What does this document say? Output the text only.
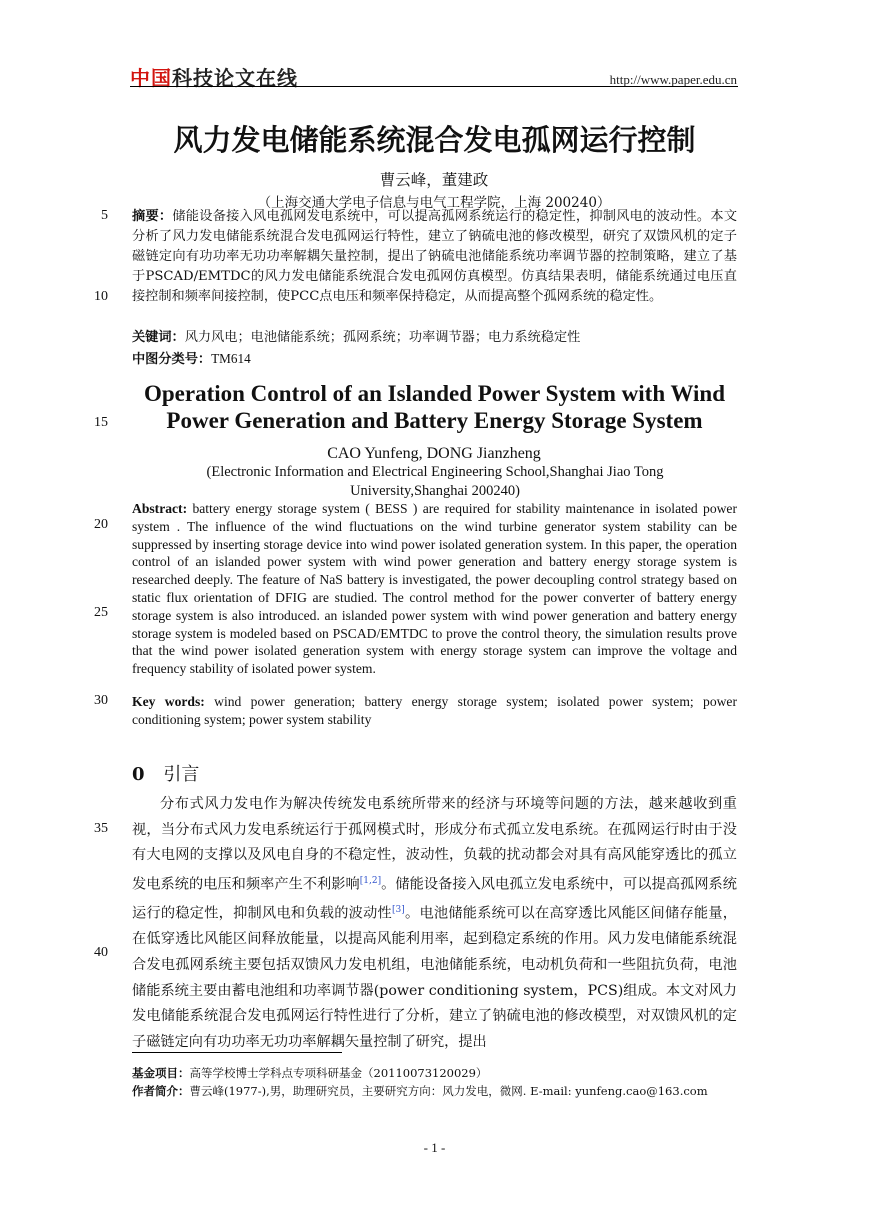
中国科技论文在线	http://www.paper.edu.cn
风力发电储能系统混合发电孤网运行控制
曹云峰，董建政
（上海交通大学电子信息与电气工程学院，上海 200240）
摘要：储能设备接入风电孤网发电系统中，可以提高孤网系统运行的稳定性，抑制风电的波动性。本文分析了风力发电储能系统混合发电孤网运行特性，建立了钠硫电池的修改模型，研究了双馈风机的定子磁链定向有功功率无功功率解耦矢量控制，提出了钠硫电池储能系统功率调节器的控制策略，建立了基于PSCAD/EMTDC的风力发电储能系统混合发电孤网仿真模型。仿真结果表明，储能系统通过电压直接控制和频率间接控制，使PCC点电压和频率保持稳定，从而提高整个孤网系统的稳定性。
关键词：风力风电；电池储能系统；孤网系统；功率调节器；电力系统稳定性
中图分类号：TM614
Operation Control of an Islanded Power System with Wind Power Generation and Battery Energy Storage System
CAO Yunfeng, DONG Jianzheng
(Electronic Information and Electrical Engineering School,Shanghai Jiao Tong University,Shanghai 200240)
Abstract: battery energy storage system ( BESS ) are required for stability maintenance in isolated power system . The influence of the wind fluctuations on the wind turbine generator system stability can be suppressed by inserting storage device into wind power isolated generation system. In this paper, the operation control of an islanded power system with wind power generation and battery energy storage system is researched deeply. The feature of NaS battery is investigated, the power decoupling control strategy based on static flux orientation of DFIG are studied. The control method for the power converter of battery energy storage system is also introduced. an islanded power system with wind power generation and battery energy storage system is modeled based on PSCAD/EMTDC to prove the control theory, the simulation results prove that the wind power isolated generation system with energy storage system can improve the voltage and frequency stability of isolated power system.
Key words: wind power generation; battery energy storage system; isolated power system; power conditioning system; power system stability
0 引言
分布式风力发电作为解决传统发电系统所带来的经济与环境等问题的方法，越来越收到重视，当分布式风力发电系统运行于孤网模式时，形成分布式孤立发电系统。在孤网运行时由于没有大电网的支撑以及风电自身的不稳定性，波动性，负载的扰动都会对具有高风能穿透比的孤立发电系统的电压和频率产生不利影响[1,2]。储能设备接入风电孤立发电系统中，可以提高孤网系统运行的稳定性，抑制风电和负载的波动性[3]。电池储能系统可以在高穿透比风能区间储存能量，在低穿透比风能区间释放能量，以提高风能利用率，起到稳定系统的作用。风力发电储能系统混合发电孤网系统主要包括双馈风力发电机组，电池储能系统，电动机负荷和一些阻抗负荷，电池储能系统主要由蓄电池组和功率调节器(power conditioning system，PCS)组成。本文对风力发电储能系统混合发电孤网运行特性进行了分析，建立了钠硫电池的修改模型，对双馈风机的定子磁链定向有功功率无功功率解耦矢量控制了研究，提出
5
10
15
20
25
30
35
40
基金项目：高等学校博士学科点专项科研基金（20110073120029）
作者简介：曹云峰(1977-),男，助理研究员，主要研究方向：风力发电，微网. E-mail: yunfeng.cao@163.com
- 1 -
